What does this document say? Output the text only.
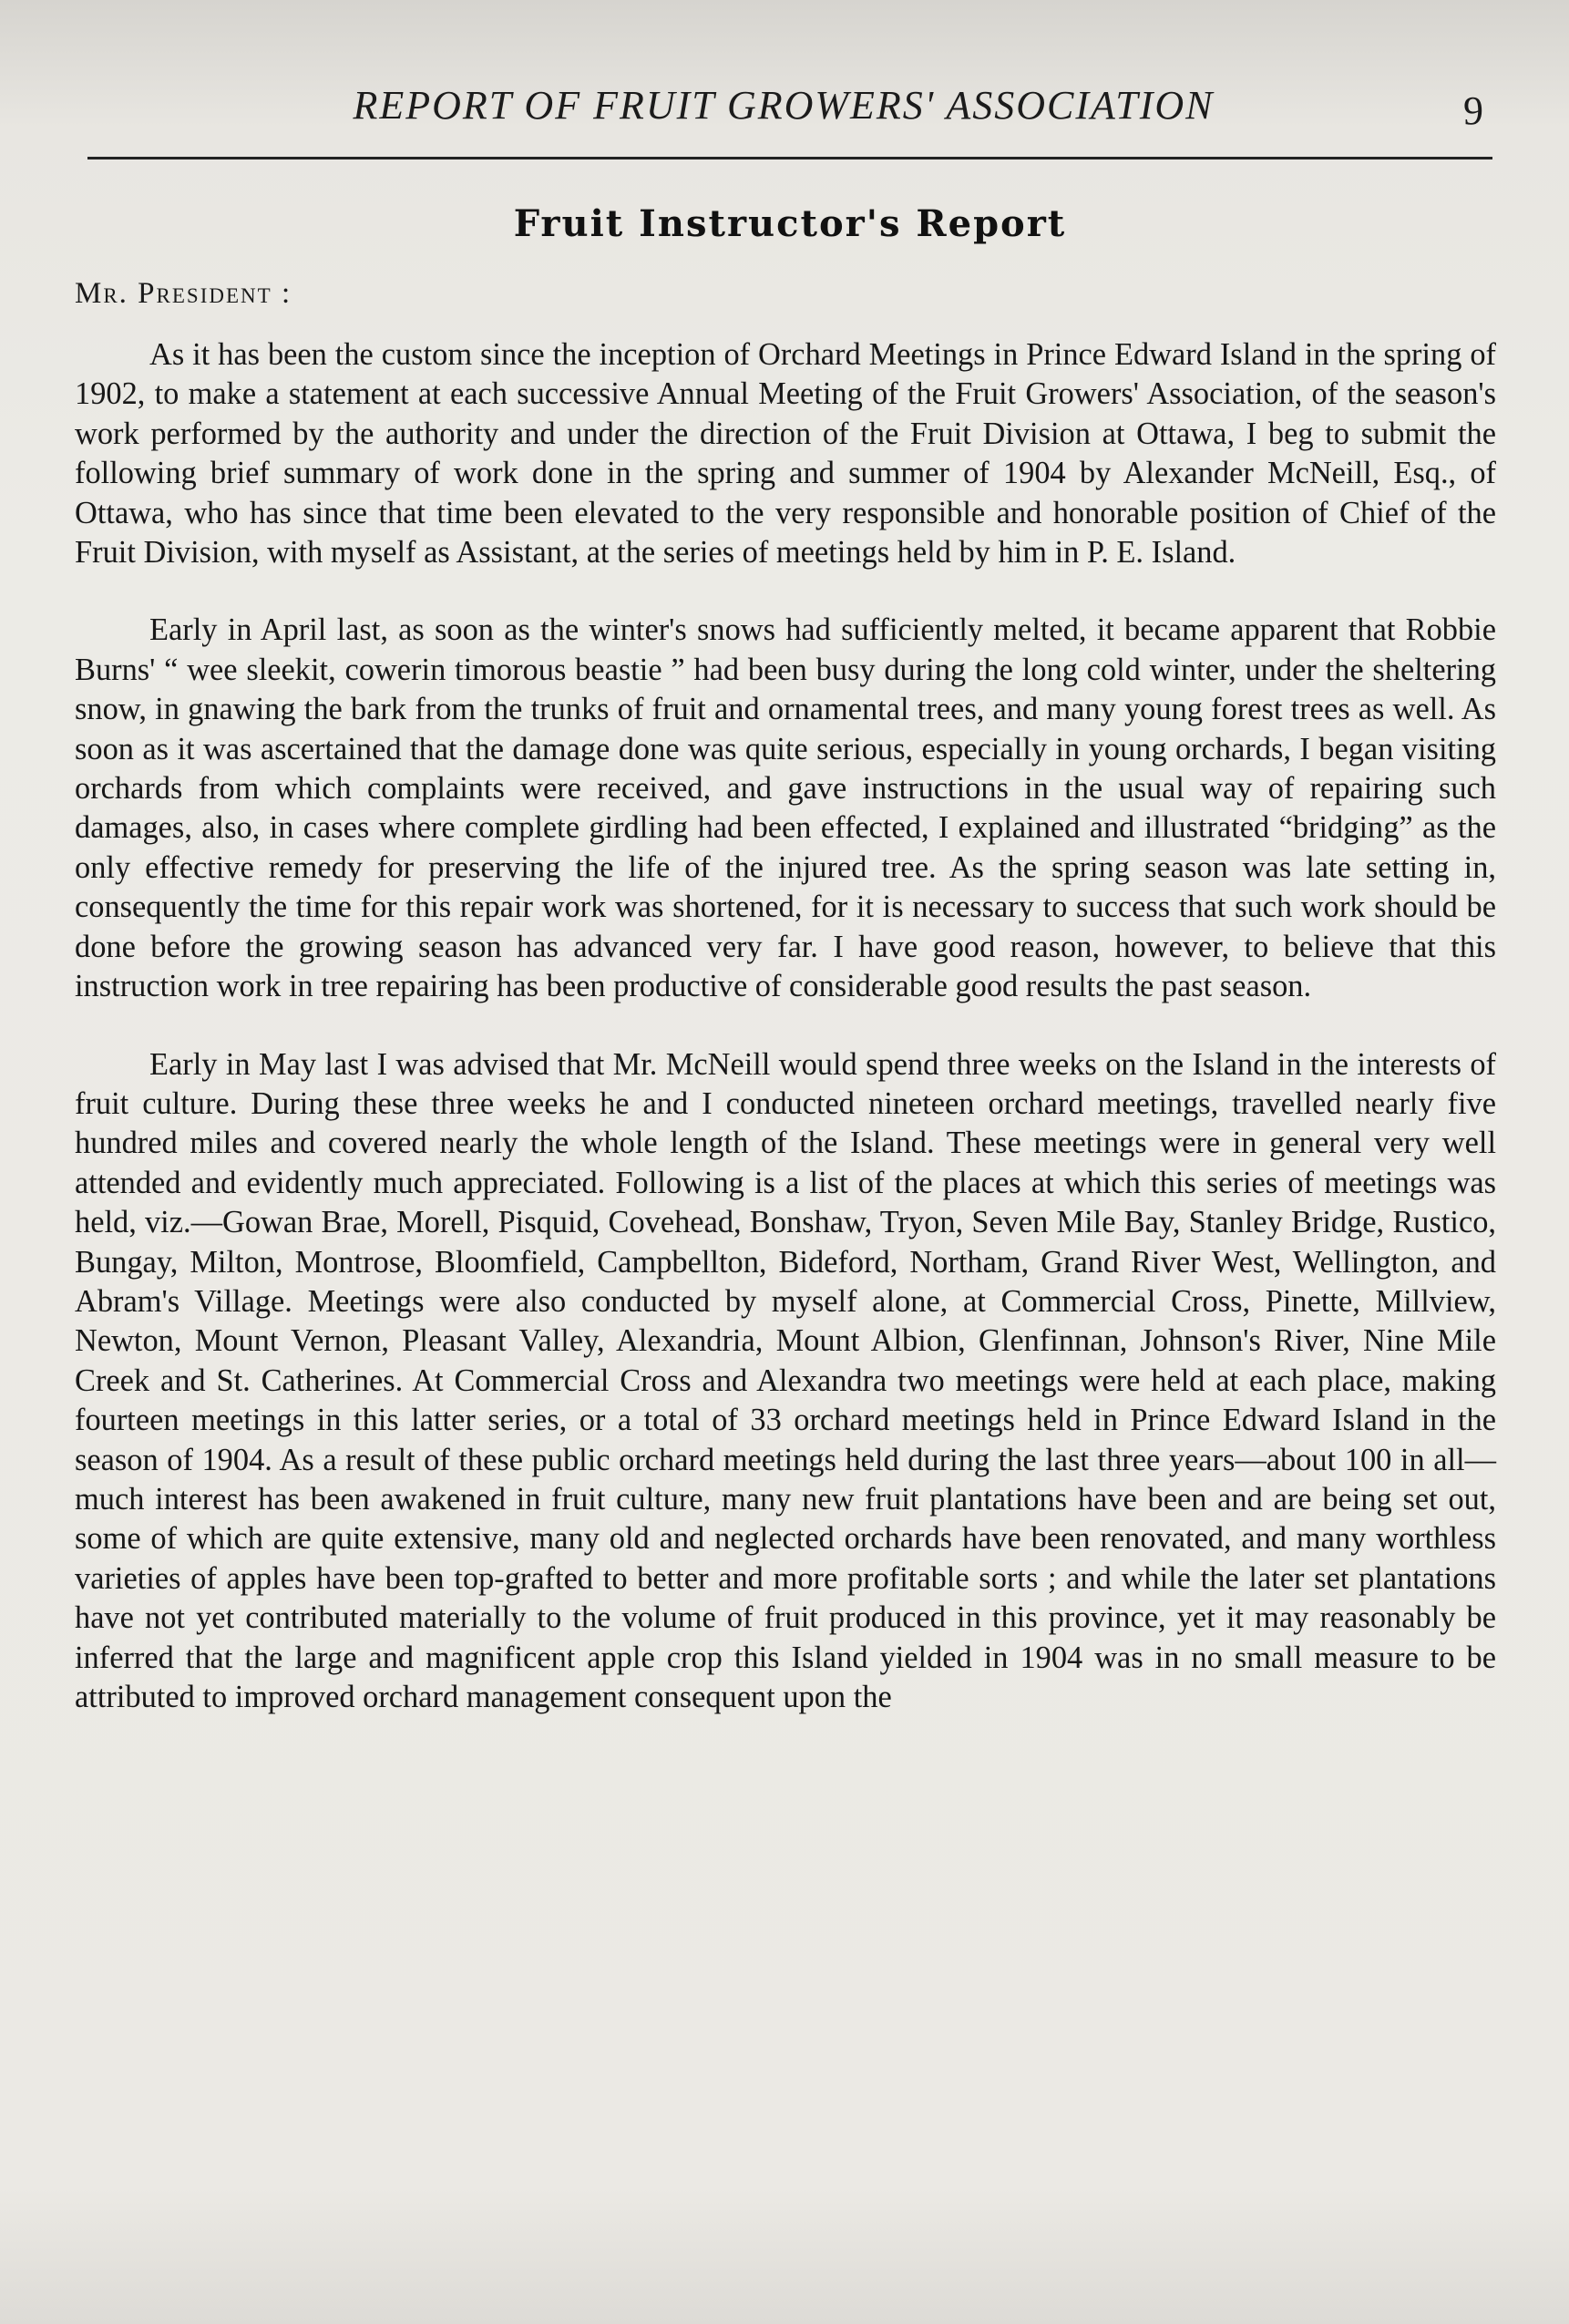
REPORT OF FRUIT GROWERS' ASSOCIATION	9
Fruit Instructor's Report
Mr. President :

As it has been the custom since the inception of Orchard Meetings in Prince Edward Island in the spring of 1902, to make a statement at each successive Annual Meeting of the Fruit Growers' Association, of the season's work performed by the authority and under the direction of the Fruit Division at Ottawa, I beg to submit the following brief summary of work done in the spring and summer of 1904 by Alexander McNeill, Esq., of Ottawa, who has since that time been elevated to the very responsible and honorable position of Chief of the Fruit Division, with myself as Assistant, at the series of meetings held by him in P. E. Island.

Early in April last, as soon as the winter's snows had sufficiently melted, it became apparent that Robbie Burns' “ wee sleekit, cowerin timorous beastie ” had been busy during the long cold winter, under the sheltering snow, in gnawing the bark from the trunks of fruit and ornamental trees, and many young forest trees as well. As soon as it was ascertained that the damage done was quite serious, especially in young orchards, I began visiting orchards from which complaints were received, and gave instructions in the usual way of repairing such damages, also, in cases where complete girdling had been effected, I explained and illustrated “bridging” as the only effective remedy for preserving the life of the injured tree. As the spring season was late setting in, consequently the time for this repair work was shortened, for it is necessary to success that such work should be done before the growing season has advanced very far. I have good reason, however, to believe that this instruction work in tree repairing has been productive of considerable good results the past season.

Early in May last I was advised that Mr. McNeill would spend three weeks on the Island in the interests of fruit culture. During these three weeks he and I conducted nineteen orchard meetings, travelled nearly five hundred miles and covered nearly the whole length of the Island. These meetings were in general very well attended and evidently much appreciated. Following is a list of the places at which this series of meetings was held, viz.—Gowan Brae, Morell, Pisquid, Covehead, Bonshaw, Tryon, Seven Mile Bay, Stanley Bridge, Rustico, Bungay, Milton, Montrose, Bloomfield, Campbellton, Bideford, Northam, Grand River West, Wellington, and Abram's Village. Meetings were also conducted by myself alone, at Commercial Cross, Pinette, Millview, Newton, Mount Vernon, Pleasant Valley, Alexandria, Mount Albion, Glenfinnan, Johnson's River, Nine Mile Creek and St. Catherines. At Commercial Cross and Alexandra two meetings were held at each place, making fourteen meetings in this latter series, or a total of 33 orchard meetings held in Prince Edward Island in the season of 1904. As a result of these public orchard meetings held during the last three years—about 100 in all—much interest has been awakened in fruit culture, many new fruit plantations have been and are being set out, some of which are quite extensive, many old and neglected orchards have been renovated, and many worthless varieties of apples have been top-grafted to better and more profitable sorts ; and while the later set plantations have not yet contributed materially to the volume of fruit produced in this province, yet it may reasonably be inferred that the large and magnificent apple crop this Island yielded in 1904 was in no small measure to be attributed to improved orchard management consequent upon the
